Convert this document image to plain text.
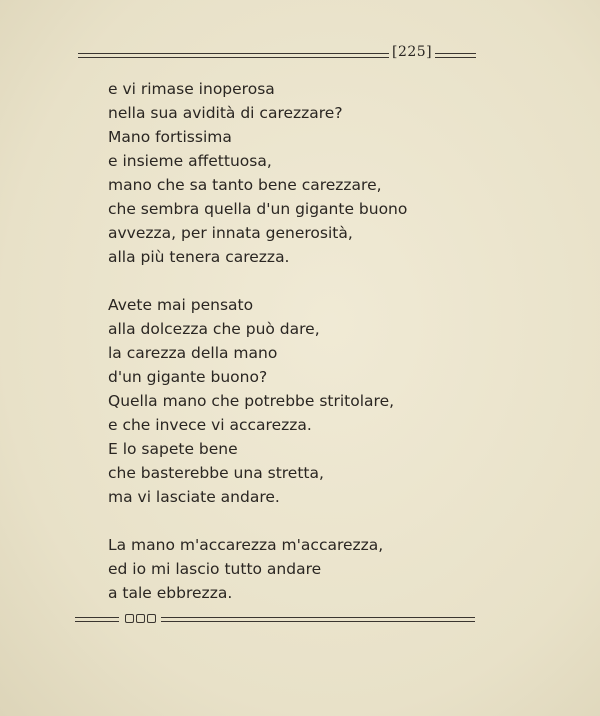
[225]
e vi rimase inoperosa
nella sua avidità di carezzare?
Mano fortissima
e insieme affettuosa,
mano che sa tanto bene carezzare,
che sembra quella d'un gigante buono
avvezza, per innata generosità,
alla più tenera carezza.
Avete mai pensato
alla dolcezza che può dare,
la carezza della mano
d'un gigante buono?
Quella mano che potrebbe stritolare,
e che invece vi accarezza.
E lo sapete bene
che basterebbe una stretta,
ma vi lasciate andare.
La mano m'accarezza m'accarezza,
ed io mi lascio tutto andare
a tale ebbrezza.
